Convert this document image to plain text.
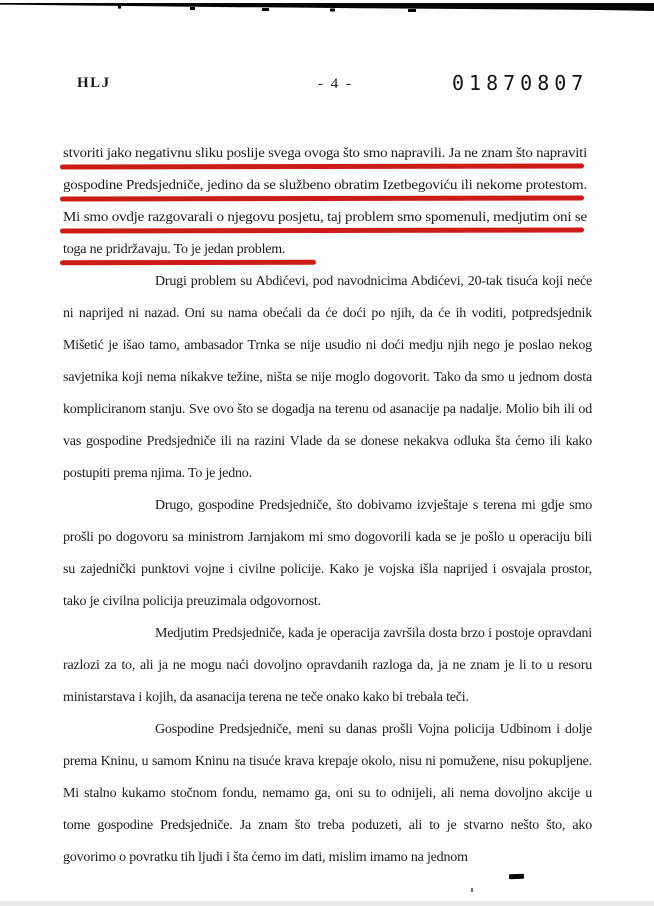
HLJ	- 4 -	01870807
stvoriti jako negativnu sliku poslije svega ovoga što smo napravili. Ja ne znam što napraviti
gospodine Predsjedniče, jedino da se službeno obratim Izetbegoviću ili nekome protestom.
Mi smo ovdje razgovarali o njegovu posjetu, taj problem smo spomenuli, medjutim oni se
toga ne pridržavaju. To je jedan problem.

Drugi problem su Abdićevi, pod navodnicima Abdićevi, 20-tak tisuća koji neće ni naprijed ni nazad. Oni su nama obećali da će doći po njih, da će ih voditi, potpredsjednik Mišetić je išao tamo, ambasador Trnka se nije usudio ni doći medju njih nego je poslao nekog savjetnika koji nema nikakve težine, ništa se nije moglo dogovorit. Tako da smo u jednom dosta kompliciranom stanju. Sve ovo što se dogadja na terenu od asanacije pa nadalje. Molio bih ili od vas gospodine Predsjedniče ili na razini Vlade da se donese nekakva odluka šta ćemo ili kako postupiti prema njima. To je jedno.

Drugo, gospodine Predsjedniče, što dobivamo izvještaje s terena mi gdje smo prošli po dogovoru sa ministrom Jarnjakom mi smo dogovorili kada se je pošlo u operaciju bili su zajednički punktovi vojne i civilne policije. Kako je vojska išla naprijed i osvajala prostor, tako je civilna policija preuzimala odgovornost.

Medjutim Predsjedniče, kada je operacija završila dosta brzo i postoje opravdani razlozi za to, ali ja ne mogu naći dovoljno opravdanih razloga da, ja ne znam je li to u resoru ministarstava i kojih, da asanacija terena ne teče onako kako bi trebala teči.

Gospodine Predsjedniče, meni su danas prošli Vojna policija Udbinom i dolje prema Kninu, u samom Kninu na tisuće krava krepaje okolo, nisu ni pomužene, nisu pokupljene. Mi stalno kukamo stočnom fondu, nemamo ga, oni su to odnijeli, ali nema dovoljno akcije u tome gospodine Predsjedniče. Ja znam što treba poduzeti, ali to je stvarno nešto što, ako govorimo o povratku tih ljudi i šta ćemo im dati, mislim imamo na jednom
